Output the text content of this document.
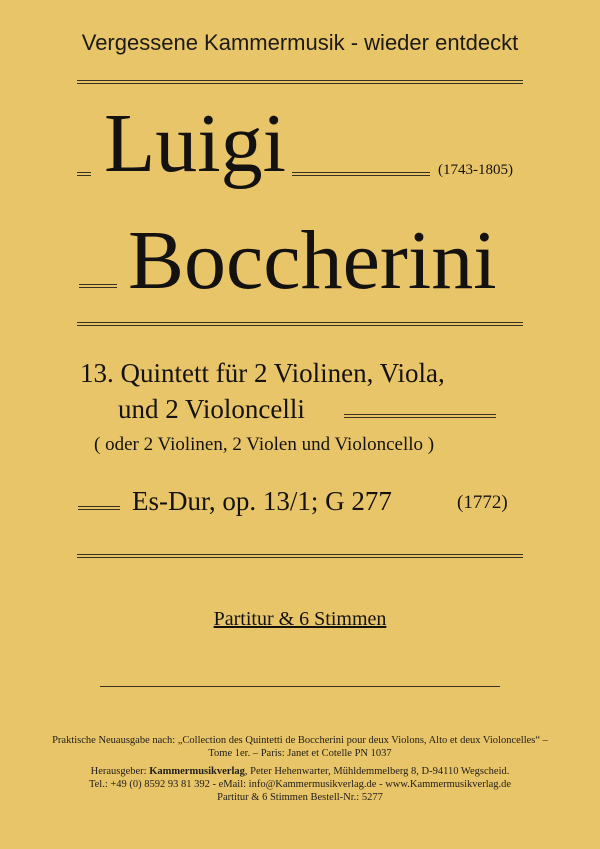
Vergessene Kammermusik - wieder entdeckt
Luigi	(1743-1805)
Boccherini
13. Quintett für 2 Violinen, Viola,
und 2 Violoncelli
( oder 2 Violinen, 2 Violen und Violoncello )
Es-Dur, op. 13/1; G 277	(1772)
Partitur & 6 Stimmen
Praktische Neuausgabe nach: „Collection des Quintetti de Boccherini pour deux Violons, Alto et deux Violoncelles“ –
Tome 1er. – Paris: Janet et Cotelle PN 1037
Herausgeber: Kammermusikverlag, Peter Hehenwarter, Mühldemmelberg 8, D-94110 Wegscheid.
Tel.: +49 (0) 8592 93 81 392 - eMail: info@Kammermusikverlag.de - www.Kammermusikverlag.de
Partitur & 6 Stimmen Bestell-Nr.: 5277
